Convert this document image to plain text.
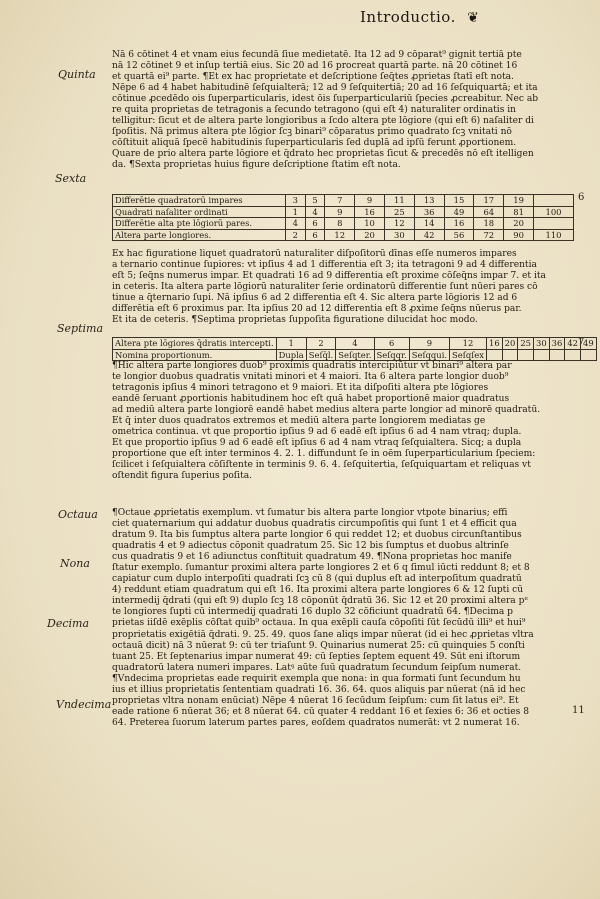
Introductio. ❦
Quinta
Sexta
Septima
Octaua
Nona
Decima
Vndecima
6
7
11
Nā 6 cōtinet 4 et vnam eius fecundā ſiue medietatē. Ita 12 ad 9 cōparat⁹ gignit tertiā pte
nā 12 cōtinet 9 et inſup tertiā eius. Sic 20 ad 16 procreat quartā parte. nā 20 cōtinet 16
et quartā ei⁹ parte. ¶Et ex hac proprietate et deſcriptione ſeq̄tes ꝓprietas ſtatī eſt nota.
Nēpe 6 ad 4 habet habitudinē ſeſquialterā; 12 ad 9 ſeſquitertiā; 20 ad 16 ſeſquiquartā; et ita
cōtinue ꝓcedēdo ois ſuperparticularis, idest ōis ſuperparticulariū ſpecies ꝓcreabitur. Nec ab
re quita proprietas de tetragonis a ſecundo tetragono (qui eſt 4) naturaliter ordinatis in
telligitur: ſicut et de altera parte longioribus a ſcdo altera pte lōgiore (qui eſt 6) naſaliter di
ſpoſitis. Nā primus altera pte lōgior ſcꝫ binari⁹ cōparatus primo quadrato ſcꝫ vnitati nō
cōſtituit aliquā ſpecē habitudinis ſuperparticularis ſed duplā ad ipſū ferunt ꝓportionem.
Quare de prio altera parte lōgiore et q̄drato hec proprietas ſicut & precedēs nō eſt itelligen
da. ¶Sexta proprietas huius figure deſcriptione ſtatim eſt nota.
Differētie quadratorū impares	3	5	7	9	11	13	15	17	19	
Quadrati naſaliter ordinati	1	4	9	16	25	36	49	64	81	100
Differētie alt̄a pte lōgiorū pares.	4	6	8	10	12	14	16	18	20	
Altera parte longiores.	2	6	12	20	30	42	56	72	90	110
Ex hac figuratione liquet quadratorū naturaliter diſpoſitorū dīnas eſſe numeros impares
a ternario continue ſupiores: vt ipſius 4 ad 1 differentia eſt 3; ita tetragoni 9 ad 4 differentia
eſt 5; ſeq̄ns numerus impar. Et quadrati 16 ad 9 differentia eſt proxime cōſeq̄ns impar 7. et ita
in ceteris. Ita altera parte lōgiorū naturaliter ſerie ordinatorū differentie ſunt nūeri pares cō
tinue a q̄ternario ſupi. Nā ipſius 6 ad 2 differentia eſt 4. Sic altera parte lōgioris 12 ad 6
differētia eſt 6 proximus par. Ita ipſius 20 ad 12 differentia eſt 8 ꝓxime ſeq̄ns nūerus par.
Et ita de ceteris. ¶Septima proprietas ſuppoſita figuratione dilucidat hoc modo.
Altera pte lōgiores q̄dratis intercepti.	1	2	4	6	9	12	16	20	25	30	36	42	49
Nomina proportionum.	Dupla	Seſq̄l.	Seſqter.	Seſqqr.	Seſqqui.	Seſqſex							
¶Hic altera parte longiores duob⁹ proximis quadratis intercipiūtur vt binari⁹ altera par
te longior duobus quadratis vnitati minori et 4 maiori. Ita 6 altera parte longior duob⁹
tetragonis ipſius 4 minori tetragono et 9 maiori. Et ita diſpoſiti altera pte lōgiores
eandē ſeruant ꝓportionis habitudinem hoc eſt quā habet proportionē maior quadratus
ad mediū altera parte longiorē eandē habet medius altera parte longior ad minorē quadratū.
Et q̄ inter duos quadratos extremos et mediū altera parte longiorem mediatas ge
ometrica continua. vt que proportio ipſius 9 ad 6 eadē eſt ipſius 6 ad 4 nam vtraq; dupla.
Et que proportio ipſius 9 ad 6 eadē eſt ipſius 6 ad 4 nam vtraq ſeſquialtera. Sicq; a dupla
proportione que eſt inter terminos 4. 2. 1. diffundunt ſe in oēm ſuperparticularium ſpeciem:
ſcilicet i ſeſquialtera cōſiſtente in terminis 9. 6. 4. ſeſquitertia, ſeſquiquartam et reliquas vt
oſtendit figura ſuperius poſita.
¶Octaue ꝓprietatis exemplum. vt ſumatur bis altera parte longior vtpote binarius; effi
ciet quaternarium qui addatur duobus quadratis circumpoſitis qui ſunt 1 et 4 efficit qua
dratum 9. Ita bis ſumptus altera parte longior 6 qui reddet 12; et duobus circunſtantibus
quadratis 4 et 9 adiectus cōponit quadratum 25. Sic 12 bis ſumptus et duobus altrinſe
cus quadratis 9 et 16 adiunctus conſtituit quadratum 49. ¶Nona proprietas hoc manife
ſtatur exemplo. ſumantur proximi altera parte longiores 2 et 6 q ſimul iūcti reddunt 8; et 8
capiatur cum duplo interpoſiti quadrati ſcꝫ cū 8 (qui duplus eſt ad interpoſitum quadratū
4) reddunt etiam quadratum qui eſt 16. Ita proximi altera parte longiores 6 & 12 ſupti cū
intermedij q̄drati (qui eſt 9) duplo ſcꝫ 18 cōponūt q̄dratū 36. Sic 12 et 20 proximi altera pᵉ
te longiores ſupti cū intermedij quadrati 16 duplo 32 cōficiunt quadratū 64. ¶Decima p
prietas iiſdē exēplis cōſtat quib⁹ octaua. In qua exēpli cauſa cōpoſiti ſūt ſecūdū illi⁹ et hui⁹
proprietatis exigētiā q̄drati. 9. 25. 49. quos ſane aliqs impar nūerat (id ei hec ꝓprietas vltra
octauā dicit) nā 3 nūerat 9: cū ter triaſunt 9. Q̄uinarius numerat 25: cū quinquies 5 conſti
tuant 25. Et ſeptenarius impar numerat 49: cū ſepties ſeptem equent 49. Sūt eni iſtorum
quadratorū latera numeri impares. Latꝰ aūte ſuū quadratum ſecundum ſeipſum numerat.
¶Vndecima proprietas eade requirit exempla que nona: in qua formati ſunt ſecundum hu
ius et illius proprietatis ſententiam quadrati 16. 36. 64. quos aliquis par nūerat (nā id hec
proprietas vltra nonam enūciat) Nēpe 4 nūerat 16 ſecūdum ſeipſum: cum ſit latus ei⁹. Et
eade ratione 6 nūerat 36; et 8 nūerat 64. cū quater 4 reddant 16 et ſexies 6: 36 et octies 8
64. Preterea ſuorum laterum partes pares, eoſdem quadratos numerāt: vt 2 numerat 16.
